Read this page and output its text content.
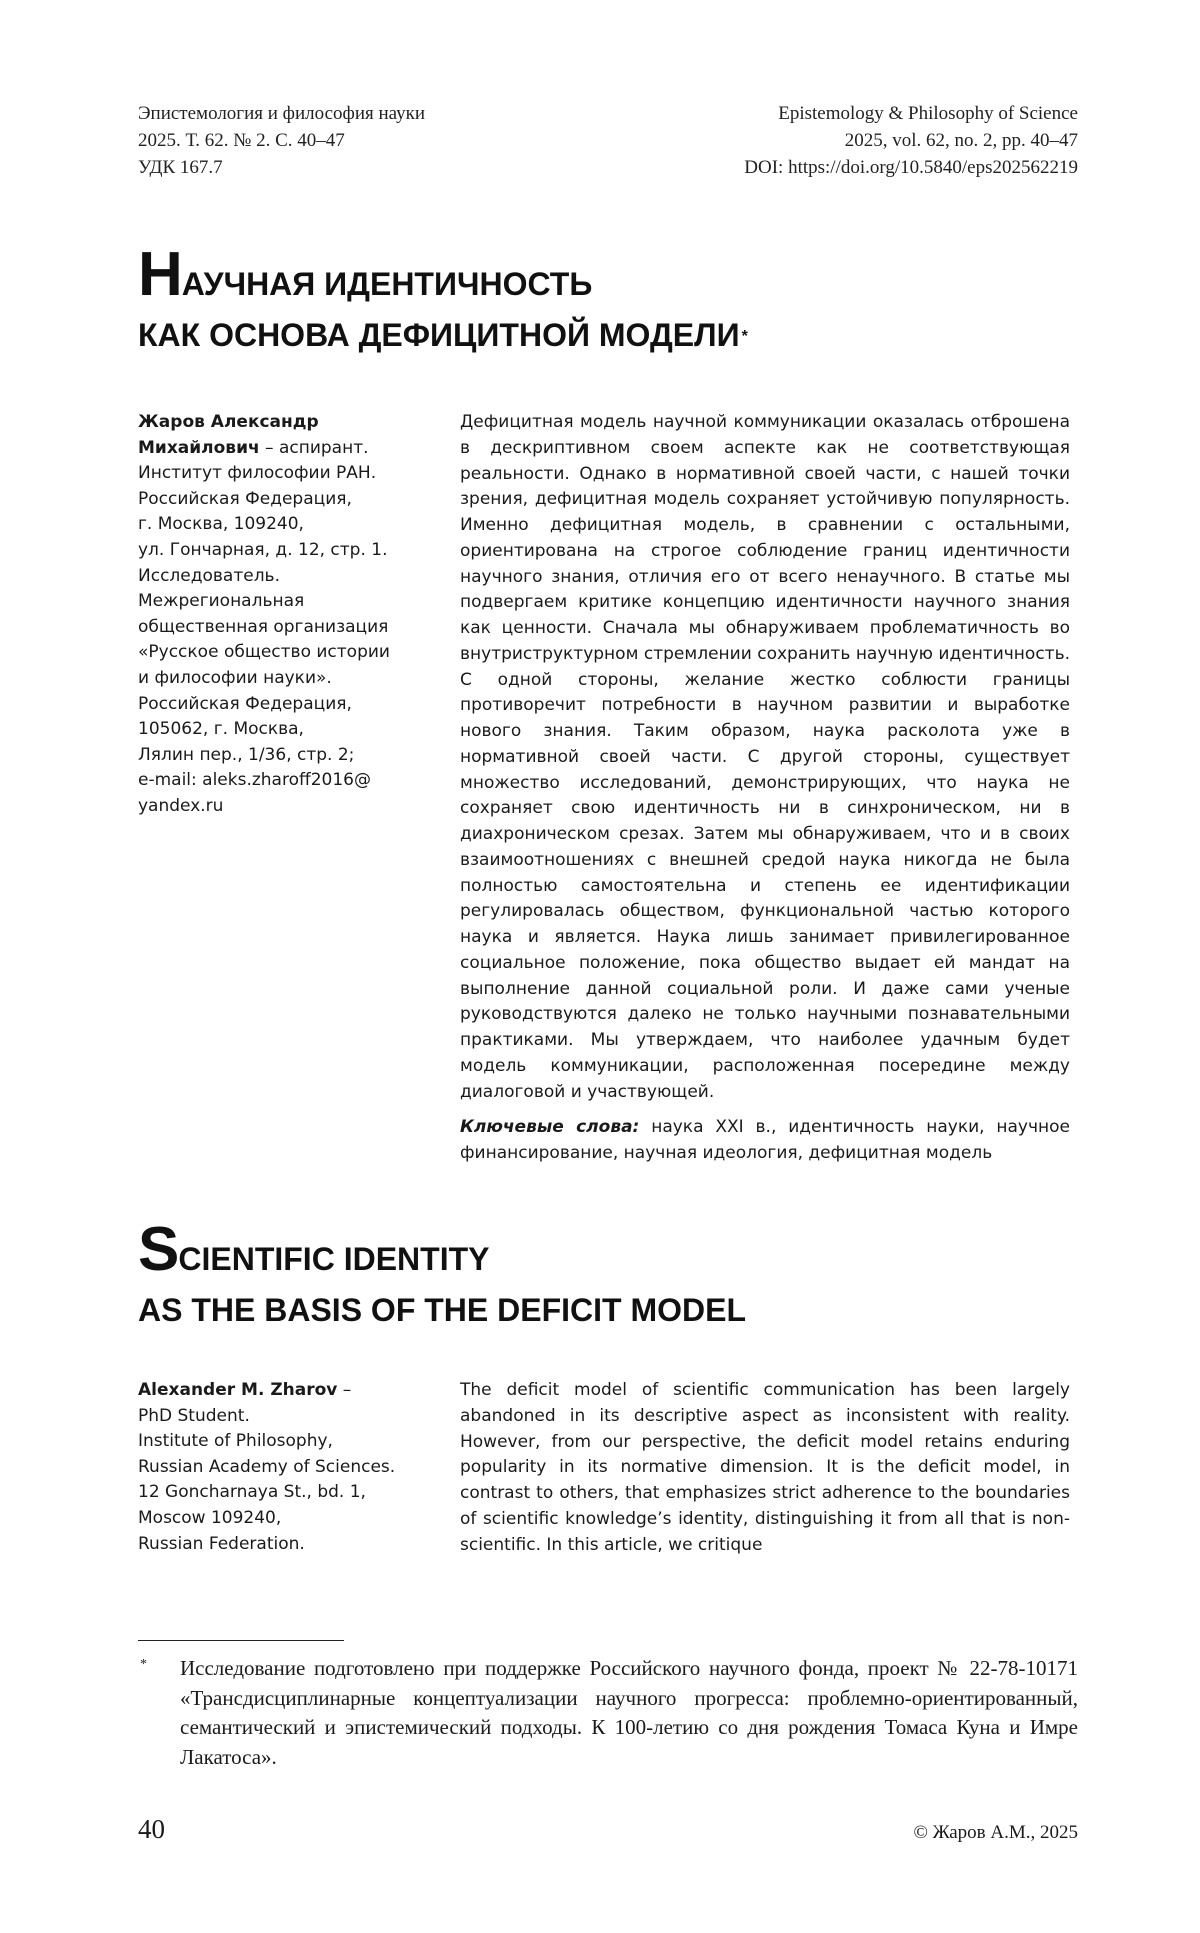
Эпистемология и философия науки
2025. Т. 62. № 2. С. 40–47
УДК 167.7
Epistemology & Philosophy of Science
2025, vol. 62, no. 2, pp. 40–47
DOI: https://doi.org/10.5840/eps202562219
НАУЧНАЯ ИДЕНТИЧНОСТЬ
КАК ОСНОВА ДЕФИЦИТНОЙ МОДЕЛИ *
Жаров Александр
Михайлович – аспирант.
Институт философии РАН.
Российская Федерация,
г. Москва, 109240,
ул. Гончарная, д. 12, стр. 1.
Исследователь.
Межрегиональная
общественная организация
«Русское общество истории
и философии науки».
Российская Федерация,
105062, г. Москва,
Лялин пер., 1/36, стр. 2;
e-mail: aleks.zharoff2016@
yandex.ru
Дефицитная модель научной коммуникации оказалась отброшена в дескриптивном своем аспекте как не соответствующая реальности. Однако в нормативной своей части, с нашей точки зрения, дефицитная модель сохраняет устойчивую популярность. Именно дефицитная модель, в сравнении с остальными, ориентирована на строгое соблюдение границ идентичности научного знания, отличия его от всего ненаучного. В статье мы подвергаем критике концепцию идентичности научного знания как ценности. Сначала мы обнаруживаем проблематичность во внутриструктурном стремлении сохранить научную идентичность. С одной стороны, желание жестко соблюсти границы противоречит потребности в научном развитии и выработке нового знания. Таким образом, наука расколота уже в нормативной своей части. С другой стороны, существует множество исследований, демонстрирующих, что наука не сохраняет свою идентичность ни в синхроническом, ни в диахроническом срезах. Затем мы обнаруживаем, что и в своих взаимоотношениях с внешней средой наука никогда не была полностью самостоятельна и степень ее идентификации регулировалась обществом, функциональной частью которого наука и является. Наука лишь занимает привилегированное социальное положение, пока общество выдает ей мандат на выполнение данной социальной роли. И даже сами ученые руководствуются далеко не только научными познавательными практиками. Мы утверждаем, что наиболее удачным будет модель коммуникации, расположенная посередине между диалоговой и участвующей.
Ключевые слова: наука XXI в., идентичность науки, научное финансирование, научная идеология, дефицитная модель
SCIENTIFIC IDENTITY
AS THE BASIS OF THE DEFICIT MODEL
Alexander M. Zharov –
PhD Student.
Institute of Philosophy,
Russian Academy of Sciences.
12 Goncharnaya St., bd. 1,
Moscow 109240,
Russian Federation.
The deficit model of scientific communication has been largely abandoned in its descriptive aspect as inconsistent with reality. However, from our perspective, the deficit model retains enduring popularity in its normative dimension. It is the deficit model, in contrast to others, that emphasizes strict adherence to the boundaries of scientific knowledge’s identity, distinguishing it from all that is non-scientific. In this article, we critique
* Исследование подготовлено при поддержке Российского научного фонда, проект № 22-78-10171 «Трансдисциплинарные концептуализации научного прогресса: проблемно-ориентированный, семантический и эпистемический подходы. К 100-летию со дня рождения Томаса Куна и Имре Лакатоса».
40	© Жаров А.М., 2025
